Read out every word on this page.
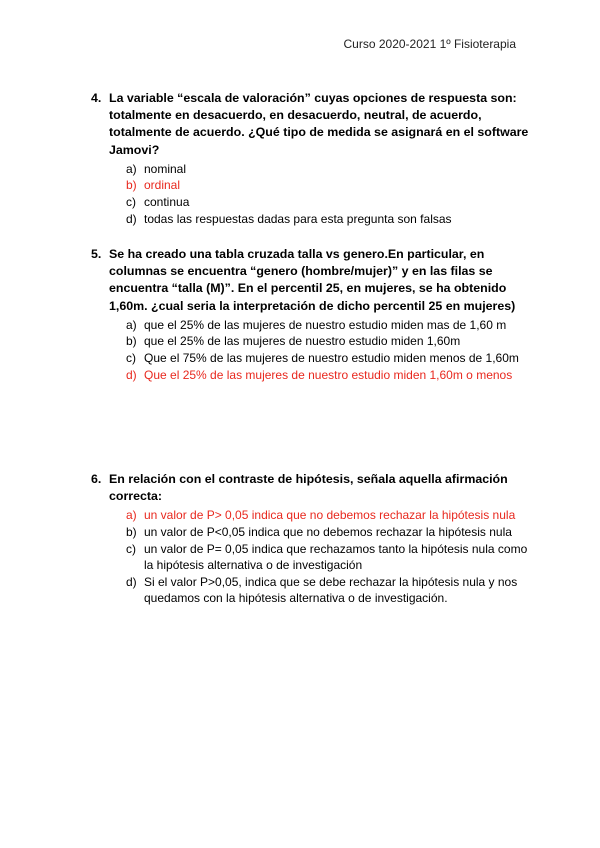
Curso 2020-2021 1º Fisioterapia
4. La variable “escala de valoración” cuyas opciones de respuesta son: totalmente en desacuerdo, en desacuerdo, neutral, de acuerdo, totalmente de acuerdo. ¿Qué tipo de medida se asignará en el software Jamovi?
a) nominal
b) ordinal
c) continua
d) todas las respuestas dadas para esta pregunta son falsas
5. Se ha creado una tabla cruzada talla vs genero.En particular, en columnas se encuentra “genero (hombre/mujer)” y en las filas se encuentra “talla (M)”. En el percentil 25, en mujeres, se ha obtenido 1,60m. ¿cual seria la interpretación de dicho percentil 25 en mujeres)
a) que el 25% de las mujeres de nuestro estudio miden mas de 1,60 m
b) que el 25% de las mujeres de nuestro estudio miden 1,60m
c) Que el 75% de las mujeres de nuestro estudio miden menos de 1,60m
d) Que el 25% de las mujeres de nuestro estudio miden 1,60m o menos
6. En relación con el contraste de hipótesis, señala aquella afirmación correcta:
a) un valor de P> 0,05 indica que no debemos rechazar la hipótesis nula
b) un valor de P<0,05 indica que no debemos rechazar la hipótesis nula
c) un valor de P= 0,05 indica que rechazamos tanto la hipótesis nula como la hipótesis alternativa o de investigación
d) Si el valor P>0,05, indica que se debe rechazar la hipótesis nula y nos quedamos con la hipótesis alternativa o de investigación.
